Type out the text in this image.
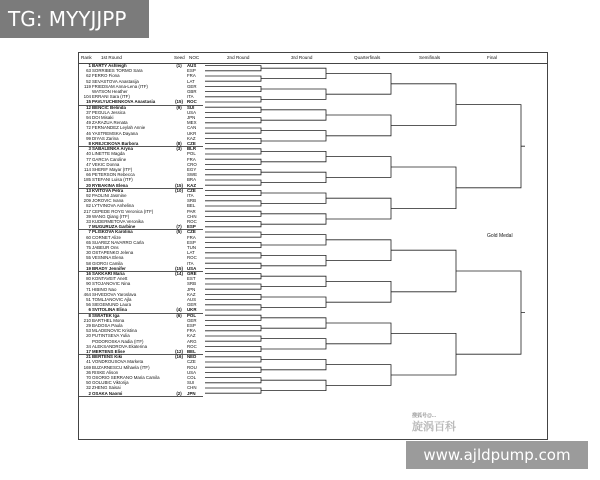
TG: MYYJJPP
Rank 1st Round	Seed NOC	2nd Round	3rd Round	Quarterfinals	Semifinals	Final
1 BARTY Ashleigh	(1)	AUS
63 SORRIBES TORMO Sara	ESP
62 FERRO Fiona	FRA
52 SEVASTOVA Anastasija	LAT
119 FRIEDSAM Anna-Lena (ITF)	GER
WATSON Heather	GBR
104 ERRANI Sara (ITF)	ITA
15 PAVLYUCHENKOVA Anastasia	(15) ROC
12 BENCIC Belinda	(9)	SUI
37 PEGULA Jessica	USA
94 DOI Misaki	JPN
49 ZARAZUA Renata	MEX
72 FERNANDEZ Leylah Annie	CAN
46 YASTREMSKA Dayana	UKR
99 DIYAS Zarina	KAZ
8 KREJCIKOVA Barbora	(8)	CZE
3 SABALENKA Aryna	(3)	BLR
40 LINETTE Magda	POL
77 GARCIA Caroline	FRA
47 VEKIC Donna	CRO
114 SHERIF Mayar (ITF)	EGY
66 PETERSON Rebecca	SWE
185 STEFANI Luisa (ITF)	BRA
20 RYBAKINA Elena	(15) KAZ
13 KVITOVA Petra	(10) CZE
92 PAOLINI Jasmine	ITA
209 JOROVIC Ivana	SRB
82 LYTVINOVA Anhelina	BEL
217 CEPEDE ROYG Veronica (ITF)	PAR
39 WANG Qiang (ITF)	CHN
33 KUDERMETOVA Veronika	ROC
7 MUGURUZA Garbine	(7)	ESP
7 PLISKOVA Karolina	(5)	CZE
60 CORNET Alize	FRA
65 SUAREZ NAVARRO Carla	ESP
75 JABEUR Ons	TUN
30 OSTAPENKO Jelena	LAT
55 VESNINA Elena	ROC
58 GIORGI Camila	ITA
19 BRADY Jennifer	(15) USA
16 SAKKARI Maria	(14) GRE
80 KONTAVEIT Anett	EST
90 STOJANOVIC Nina	SRB
71 HIBINO Nao	JPN
464 SHVEDOVA Yaroslava	KAZ
51 TOMLJANOVIC Ajla	AUS
56 SIEGEMUND Laura	GER
6 SVITOLINA Elina	(4)	UKR
8 SWIATEK Iga	(6)	POL
210 BARTHEL Mona	GER
29 BADOSA Paula	ESP
53 MLADENOVIC Kristina	FRA
20 PUTINTSEVA Yulia	KAZ
PODOROSKA Nadia (ITF)	ARG
34 ALEKSANDROVA Ekaterina	ROC
17 MERTENS Elise	(12) BEL
21 BERTENS Kiki	(16) NED
41 VONDROUSOVA Marketa	CZE
169 BUZARNESCU Mihaela (ITF)	ROU
36 RISKE Alison	USA
70 OSORIO SERRANO Maria Camila	COL
50 GOLUBIC Viktorija	SUI
32 ZHENG Saisai	CHN
2 OSAKA Naomi	(2)	JPN
Gold Medal
搜狐号@...
旋涡百科
www.ajldpump.com
